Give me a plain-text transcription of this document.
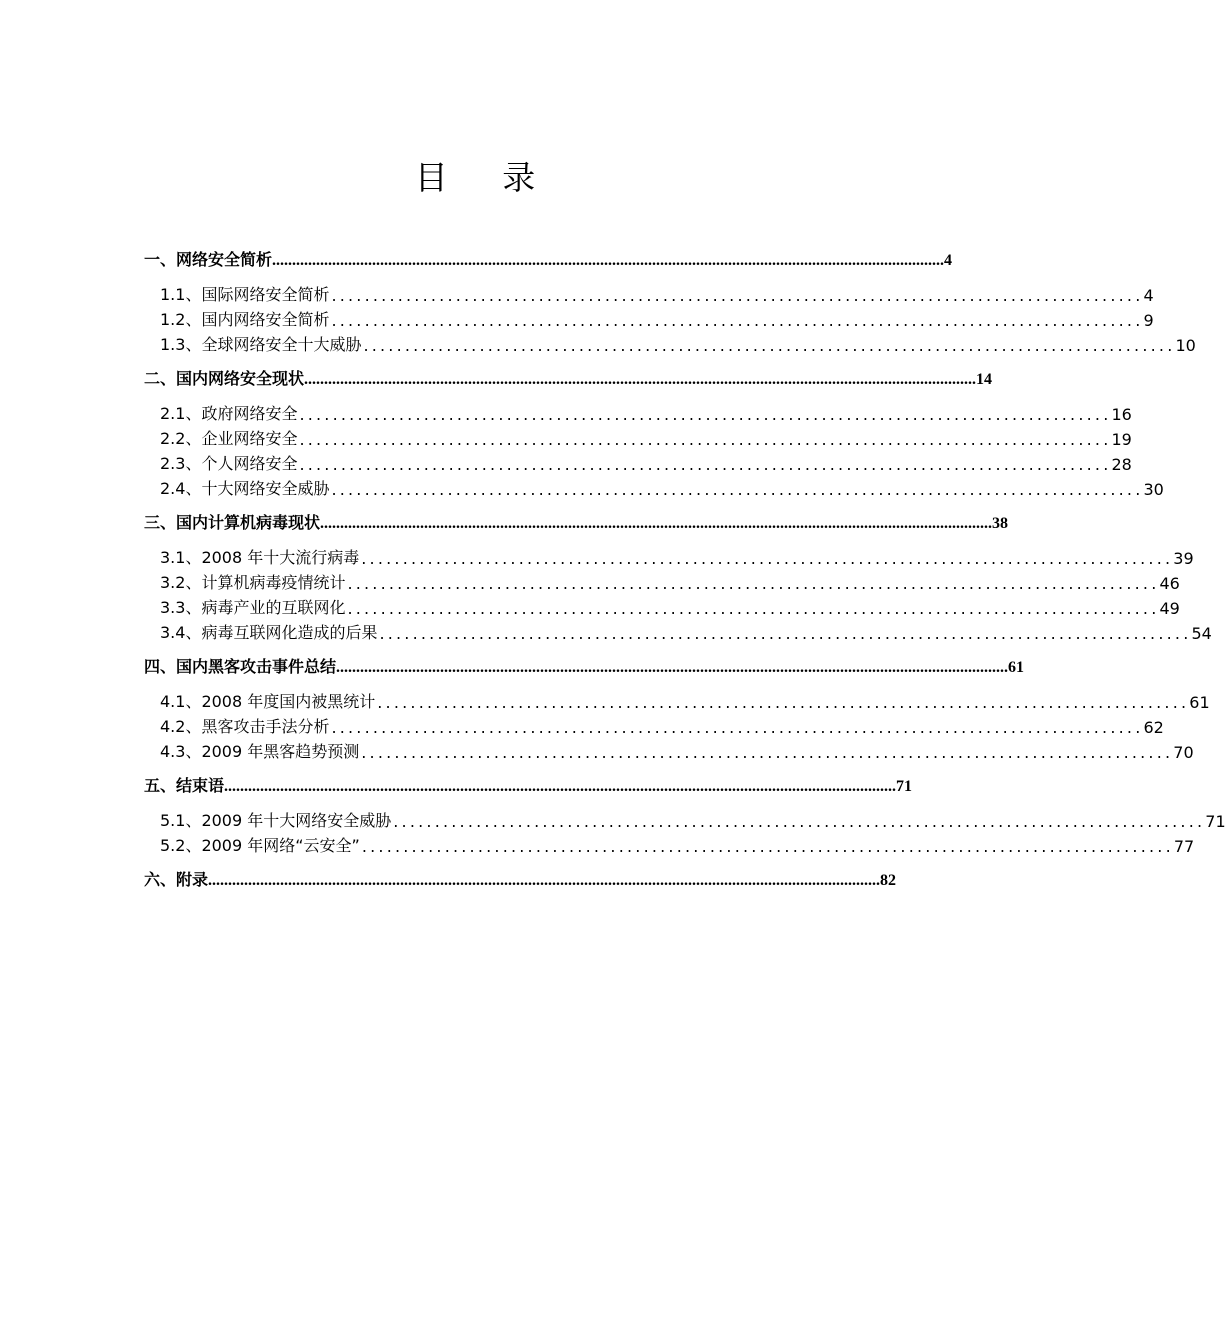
目 录
一、网络安全简析 ........................................................................................................................................................................ 4
1.1、国际网络安全简析 .................................................................................................. 4
1.2、国内网络安全简析 .................................................................................................. 9
1.3、全球网络安全十大威胁 .................................................................................................. 10
二、国内网络安全现状 ........................................................................................................................................................................ 14
2.1、政府网络安全 .................................................................................................. 16
2.2、企业网络安全 .................................................................................................. 19
2.3、个人网络安全 .................................................................................................. 28
2.4、十大网络安全威胁 .................................................................................................. 30
三、国内计算机病毒现状 ........................................................................................................................................................................ 38
3.1、2008 年十大流行病毒 .................................................................................................. 39
3.2、计算机病毒疫情统计 .................................................................................................. 46
3.3、病毒产业的互联网化 .................................................................................................. 49
3.4、病毒互联网化造成的后果 .................................................................................................. 54
四、国内黑客攻击事件总结 ........................................................................................................................................................................ 61
4.1、2008 年度国内被黑统计 .................................................................................................. 61
4.2、黑客攻击手法分析 .................................................................................................. 62
4.3、2009 年黑客趋势预测 .................................................................................................. 70
五、结束语 ........................................................................................................................................................................ 71
5.1、2009 年十大网络安全威胁 .................................................................................................. 71
5.2、2009 年网络“云安全” .................................................................................................. 77
六、附录 ........................................................................................................................................................................ 82
